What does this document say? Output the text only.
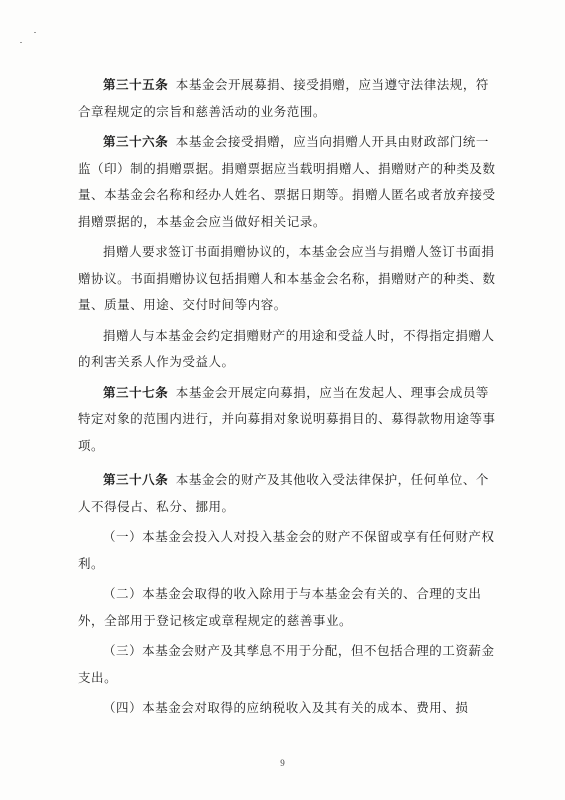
第三十五条 本基金会开展募捐、接受捐赠，应当遵守法律法规，符合章程规定的宗旨和慈善活动的业务范围。

第三十六条 本基金会接受捐赠，应当向捐赠人开具由财政部门统一监（印）制的捐赠票据。捐赠票据应当载明捐赠人、捐赠财产的种类及数量、本基金会名称和经办人姓名、票据日期等。捐赠人匿名或者放弃接受捐赠票据的，本基金会应当做好相关记录。

捐赠人要求签订书面捐赠协议的，本基金会应当与捐赠人签订书面捐赠协议。书面捐赠协议包括捐赠人和本基金会名称，捐赠财产的种类、数量、质量、用途、交付时间等内容。

捐赠人与本基金会约定捐赠财产的用途和受益人时，不得指定捐赠人的利害关系人作为受益人。

第三十七条 本基金会开展定向募捐，应当在发起人、理事会成员等特定对象的范围内进行，并向募捐对象说明募捐目的、募得款物用途等事项。

第三十八条 本基金会的财产及其他收入受法律保护，任何单位、个人不得侵占、私分、挪用。

（一）本基金会投入人对投入基金会的财产不保留或享有任何财产权利。

（二）本基金会取得的收入除用于与本基金会有关的、合理的支出外，全部用于登记核定或章程规定的慈善事业。

（三）本基金会财产及其孳息不用于分配，但不包括合理的工资薪金支出。

（四）本基金会对取得的应纳税收入及其有关的成本、费用、损

9
